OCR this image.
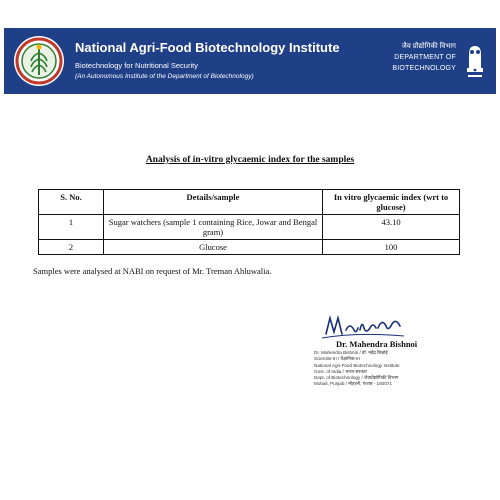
National Agri-Food Biotechnology Institute
Biotechnology for Nutritional Security
(An Autonomous Institute of the Department of Biotechnology)
जैव प्रौद्योगिकी विभाग
DEPARTMENT OF
BIOTECHNOLOGY
Analysis of in-vitro glycaemic index for the samples
S. No.	Details/sample	In vitro glycaemic index (wrt to glucose)
1	Sugar watchers (sample 1 containing Rice, Jowar and Bengal gram)	43.10
2	Glucose	100
Samples were analysed at NABI on request of Mr. Treman Ahluwalia.
Dr. Mahendra Bishnoi
Dr. Mahendra Bishnoi / डॉ. महेंद्र बिश्नोई
Scientist-III / वैज्ञानिक-III
National Agri-Food Biotechnology Institute
Govt. of India / भारत सरकार
Dept. of Biotechnology / जैवप्रौद्योगिकी विभाग
Mohali, Punjab / मोहाली, पंजाब - 160071
